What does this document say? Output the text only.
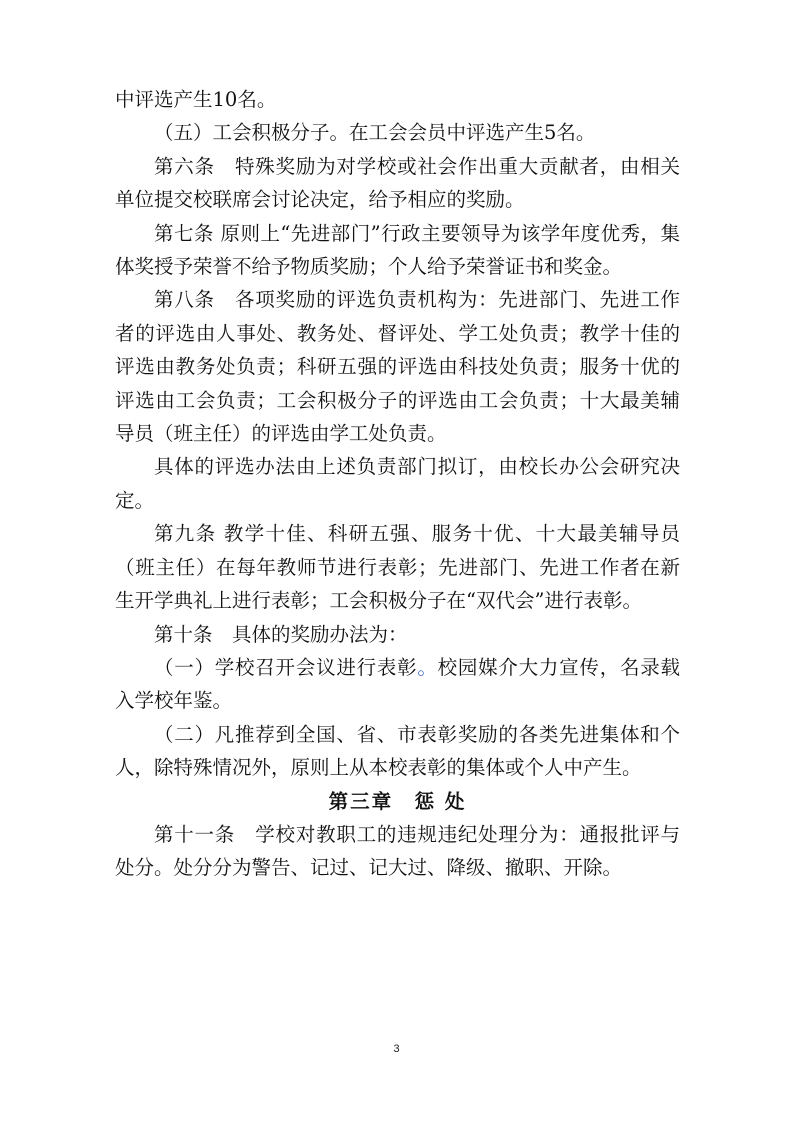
中评选产生10名。

（五）工会积极分子。在工会会员中评选产生5名。

第六条　特殊奖励为对学校或社会作出重大贡献者，由相关单位提交校联席会讨论决定，给予相应的奖励。

第七条 原则上“先进部门”行政主要领导为该学年度优秀，集体奖授予荣誉不给予物质奖励；个人给予荣誉证书和奖金。

第八条　各项奖励的评选负责机构为：先进部门、先进工作者的评选由人事处、教务处、督评处、学工处负责；教学十佳的评选由教务处负责；科研五强的评选由科技处负责；服务十优的评选由工会负责；工会积极分子的评选由工会负责；十大最美辅导员（班主任）的评选由学工处负责。

具体的评选办法由上述负责部门拟订，由校长办公会研究决定。

第九条 教学十佳、科研五强、服务十优、十大最美辅导员（班主任）在每年教师节进行表彰；先进部门、先进工作者在新生开学典礼上进行表彰；工会积极分子在“双代会”进行表彰。

第十条　具体的奖励办法为：

（一）学校召开会议进行表彰。校园媒介大力宣传，名录载入学校年鉴。

（二）凡推荐到全国、省、市表彰奖励的各类先进集体和个人，除特殊情况外，原则上从本校表彰的集体或个人中产生。

第三章　惩 处

第十一条　学校对教职工的违规违纪处理分为：通报批评与处分。处分分为警告、记过、记大过、降级、撤职、开除。

3
